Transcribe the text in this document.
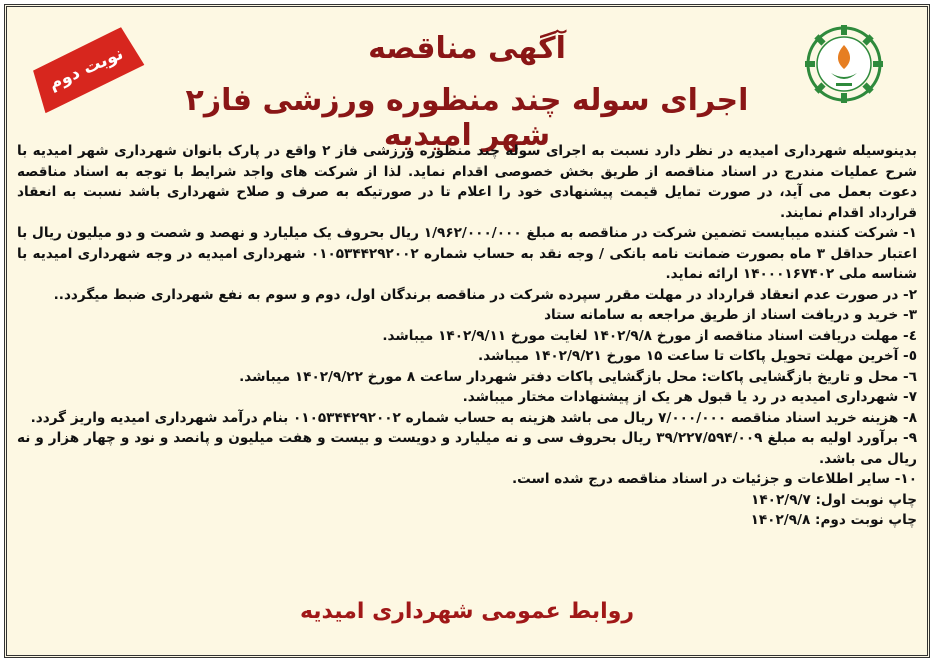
نوبت دوم	آگهی مناقصه
اجرای سوله چند منظوره ورزشی فاز۲ شهر امیدیه

بدینوسیله شهرداری امیدیه در نظر دارد نسبت به اجرای سوله چند منظوره ورزشی فاز ۲ واقع در پارک بانوان شهرداری شهر امیدیه با شرح عملیات مندرج در اسناد مناقصه از طریق بخش خصوصی اقدام نماید. لذا از شرکت های واجد شرایط با توجه به اسناد مناقصه دعوت بعمل می آید، در صورت تمایل قیمت پیشنهادی خود را اعلام تا در صورتیکه به صرف و صلاح شهرداری باشد نسبت به انعقاد قرارداد اقدام نمایند.

۱- شرکت کننده میبایست تضمین شرکت در مناقصه به مبلغ ۱/۹۶۲/۰۰۰/۰۰۰ ریال بحروف یک میلیارد و نهصد و شصت و دو میلیون ریال با اعتبار حداقل ۳ ماه بصورت ضمانت نامه بانکی / وجه نقد به حساب شماره ۰۱۰۵۳۴۴۲۹۲۰۰۲ شهرداری امیدیه در وجه شهرداری امیدیه با شناسه ملی ۱۴۰۰۰۱۶۷۴۰۲ ارائه نماید.

۲- در صورت عدم انعقاد قرارداد در مهلت مقرر سپرده شرکت در مناقصه برندگان اول، دوم و سوم به نفع شهرداری ضبط میگردد..

۳- خرید و دریافت اسناد از طریق مراجعه به سامانه ستاد

٤- مهلت دریافت اسناد مناقصه از مورخ ۱۴۰۲/۹/۸ لغایت مورخ ۱۴۰۲/۹/۱۱ میباشد.

٥- آخرین مهلت تحویل پاکات تا ساعت ۱۵ مورخ ۱۴۰۲/۹/۲۱ میباشد.

٦- محل و تاریخ بازگشایی پاکات: محل بازگشایی پاکات دفتر شهردار ساعت ۸ مورخ ۱۴۰۲/۹/۲۲ میباشد.

۷- شهرداری امیدیه در رد یا قبول هر یک از پیشنهادات مختار میباشد.

۸- هزینه خرید اسناد مناقصه ۷/۰۰۰/۰۰۰ ریال می باشد هزینه به حساب شماره ۰۱۰۵۳۴۴۲۹۲۰۰۲ بنام درآمد شهرداری امیدیه واریز گردد.

۹- برآورد اولیه به مبلغ ۳۹/۲۲۷/۵۹۴/۰۰۹ ریال بحروف سی و نه میلیارد و دویست و بیست و هفت میلیون و پانصد و نود و چهار هزار و نه ریال می باشد.

۱۰- سایر اطلاعات و جزئیات در اسناد مناقصه درج شده است.

چاپ نوبت اول: ۱۴۰۲/۹/۷

چاپ نوبت دوم: ۱۴۰۲/۹/۸

روابط عمومی شهرداری امیدیه
